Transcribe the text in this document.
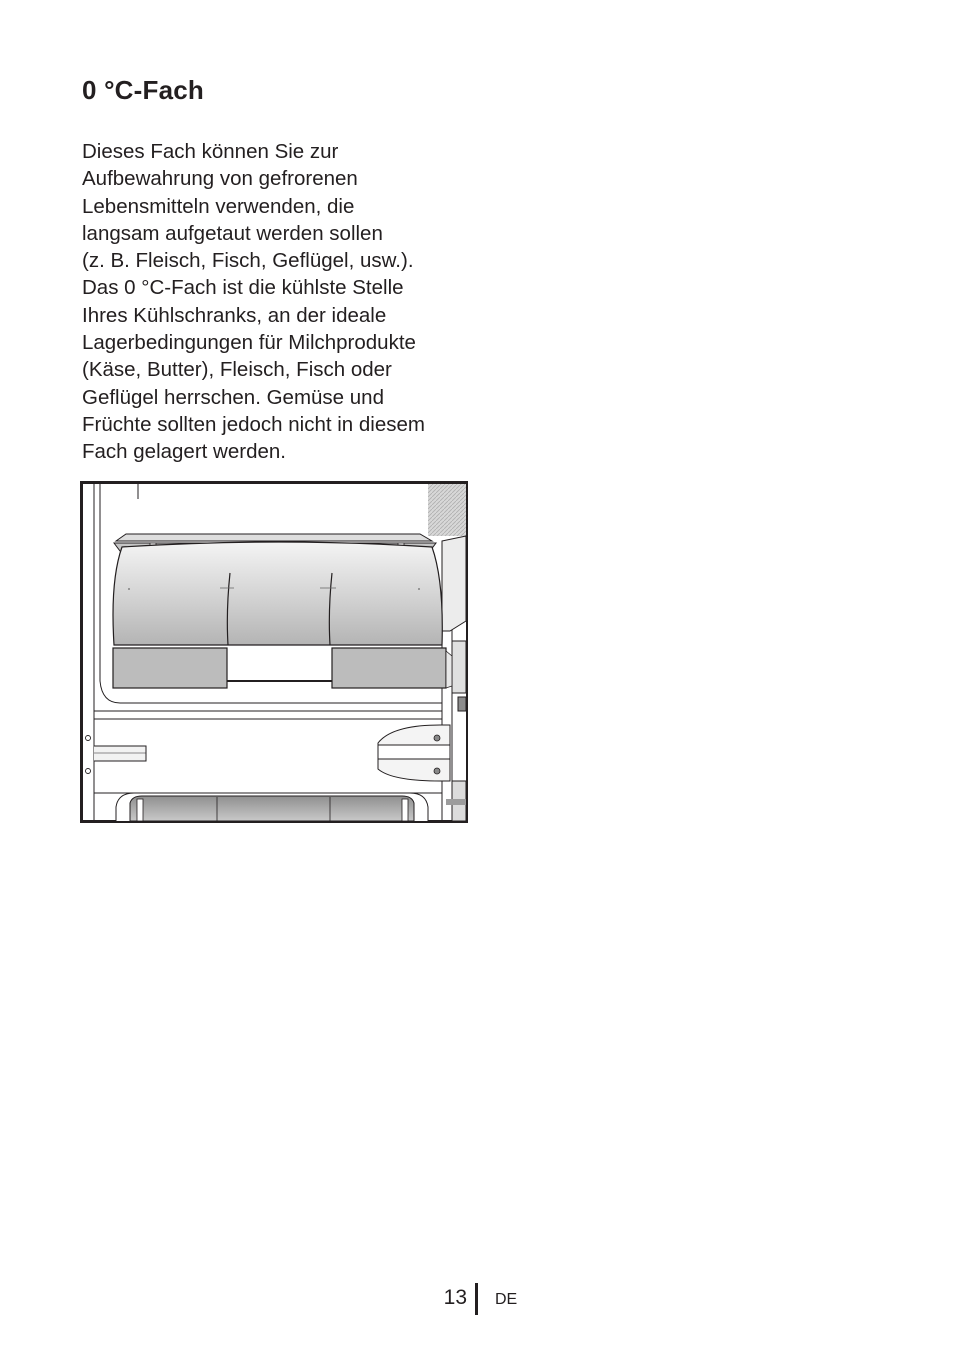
0 °C-Fach

Dieses Fach können Sie zur
Aufbewahrung von gefrorenen
Lebensmitteln verwenden, die
langsam aufgetaut werden sollen
(z. B. Fleisch, Fisch, Geflügel, usw.).
Das 0 °C-Fach ist die kühlste Stelle
Ihres Kühlschranks, an der ideale
Lagerbedingungen für Milchprodukte
(Käse, Butter), Fleisch, Fisch oder
Geflügel herrschen. Gemüse und
Früchte sollten jedoch nicht in diesem
Fach gelagert werden.

13 DE
